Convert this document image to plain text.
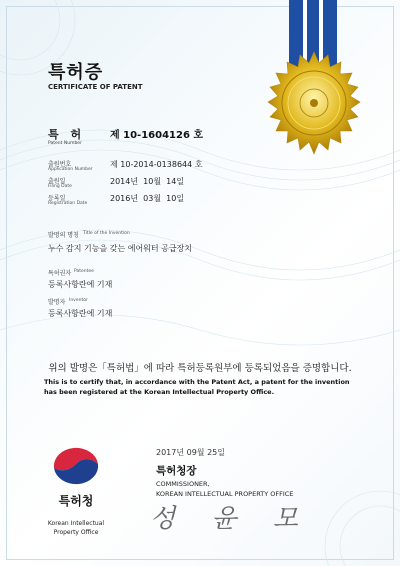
특허증
CERTIFICATE OF PATENT
특 허
Patent Number
제 10-1604126 호
출원번호
Application Number
제 10-2014-0138644 호
출원일
Filing Date
2014년  10월  14일
등록일
Registration Date
2016년  03월  10일
발명의 명칭 Title of the Invention
누수 감지 기능을 갖는 에어워터 공급장치
특허권자 Patentee
등록사항란에 기재
발명자 Inventor
등록사항란에 기재
위의 발명은「특허법」에 따라 특허등록원부에 등록되었음을 증명합니다.
This is to certify that, in accordance with the Patent Act, a patent for the invention
has been registered at the Korean Intellectual Property Office.
2017년 09월 25일
특허청장
COMMISSIONER,
KOREAN INTELLECTUAL PROPERTY OFFICE
성 윤 모
특허청
Korean Intellectual
Property Office
